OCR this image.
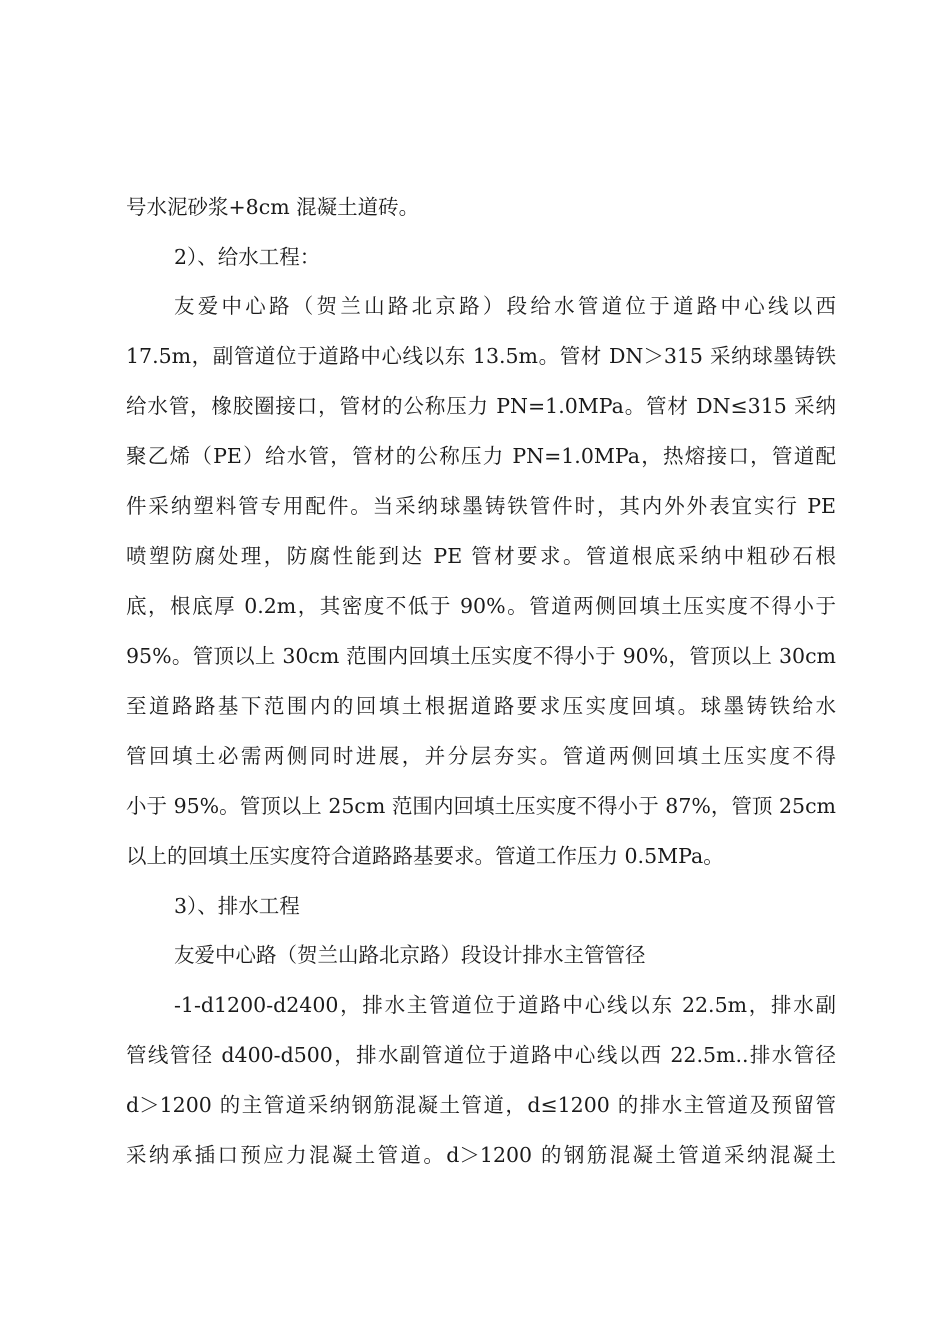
号水泥砂浆+8cm 混凝土道砖。
2）、给水工程：
友爱中心路（贺兰山路北京路）段给水管道位于道路中心线以西
17.5m，副管道位于道路中心线以东 13.5m。管材 DN＞315 采纳球墨铸铁
给水管，橡胶圈接口，管材的公称压力 PN=1.0MPa。管材 DN≤315 采纳
聚乙烯（PE）给水管，管材的公称压力 PN=1.0MPa，热熔接口，管道配
件采纳塑料管专用配件。当采纳球墨铸铁管件时，其内外外表宜实行 PE
喷塑防腐处理，防腐性能到达 PE 管材要求。管道根底采纳中粗砂石根
底，根底厚 0.2m，其密度不低于 90%。管道两侧回填土压实度不得小于
95%。管顶以上 30cm 范围内回填土压实度不得小于 90%，管顶以上 30cm
至道路路基下范围内的回填土根据道路要求压实度回填。球墨铸铁给水
管回填土必需两侧同时进展，并分层夯实。管道两侧回填土压实度不得
小于 95%。管顶以上 25cm 范围内回填土压实度不得小于 87%，管顶 25cm
以上的回填土压实度符合道路路基要求。管道工作压力 0.5MPa。
3）、排水工程
友爱中心路（贺兰山路北京路）段设计排水主管管径
-1-d1200-d2400，排水主管道位于道路中心线以东 22.5m，排水副
管线管径 d400-d500，排水副管道位于道路中心线以西 22.5m..排水管径
d＞1200 的主管道采纳钢筋混凝土管道，d≤1200 的排水主管道及预留管
采纳承插口预应力混凝土管道。d＞1200 的钢筋混凝土管道采纳混凝土
